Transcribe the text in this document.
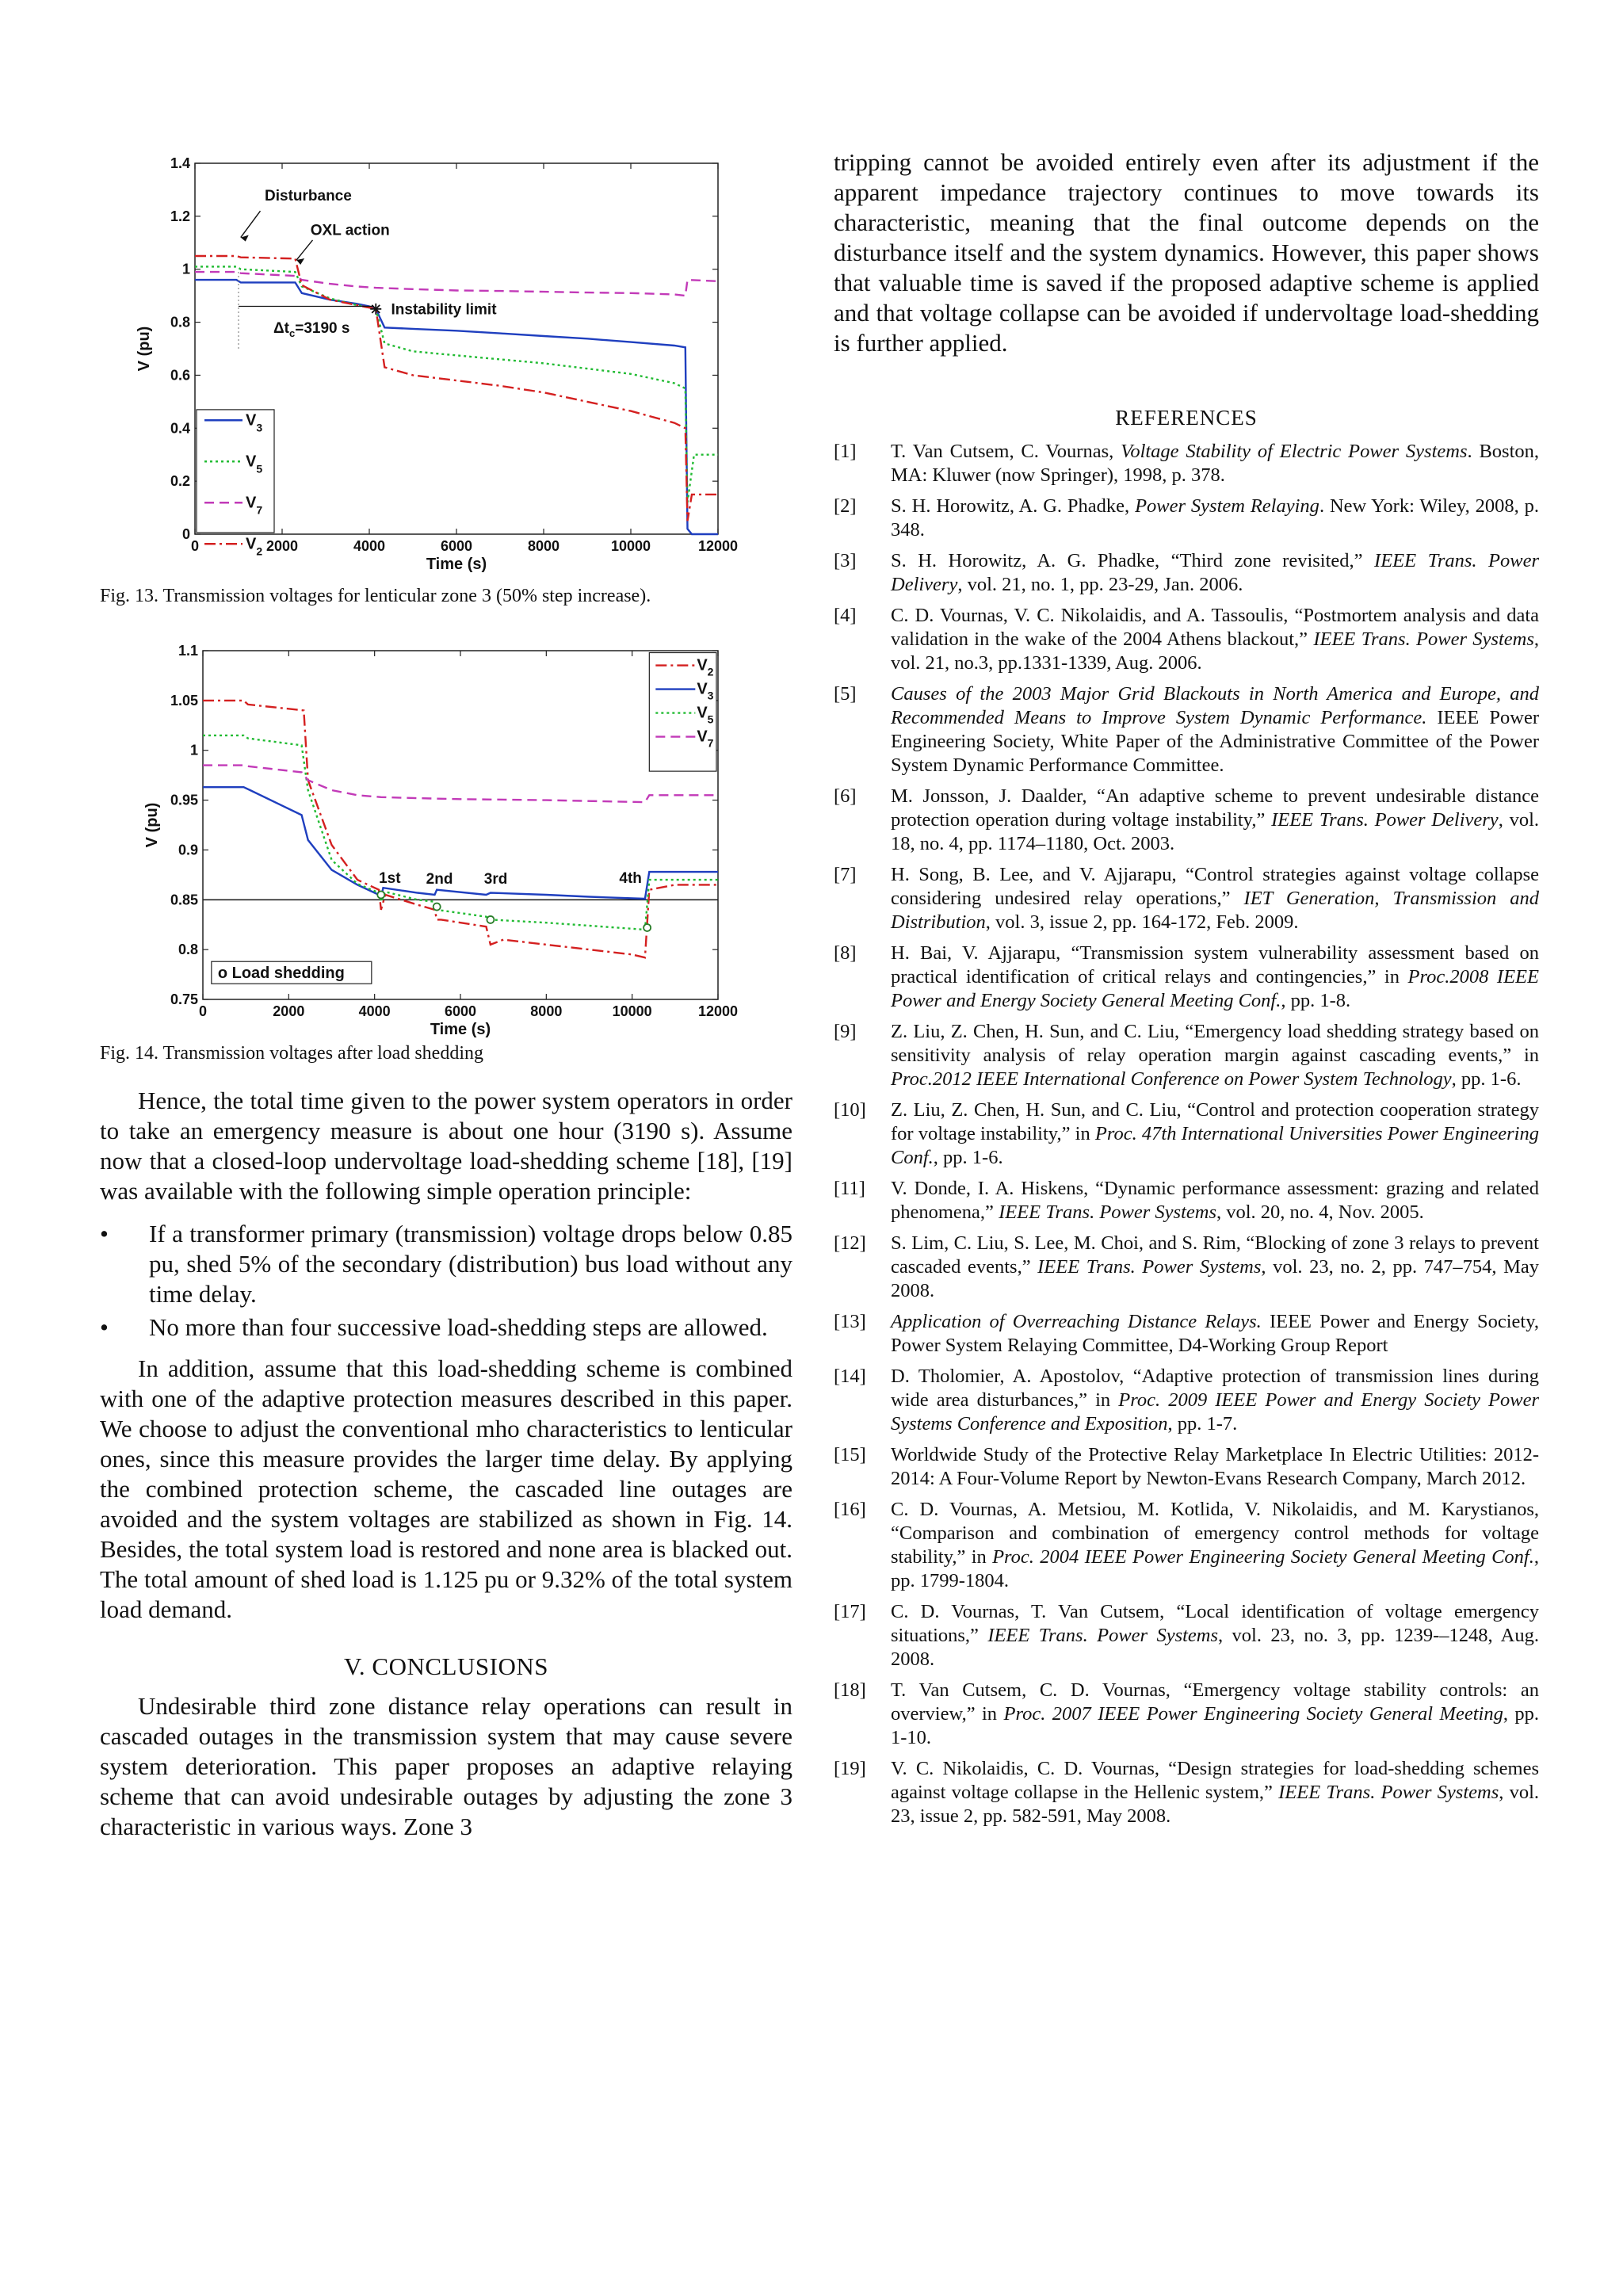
0	2000	4000	6000	8000	10000	12000
0
0.2
0.4
0.6
0.8
1
1.2
1.4
Time (s)
V (pu)
Disturbance
OXL action
Instability limit
$\Delta t_c=3190$ s
$V_3$
$V_5$
$V_7$
$V_2$
Fig. 13. Transmission voltages for lenticular zone 3 (50% step increase).
0	2000	4000	6000	8000	10000	12000
0.75
0.8
0.85
0.9
0.95
1
1.05
1.1
Time (s)
V (pu)
1st 2nd 3rd	4th
$V_2$
$V_3$
$V_5$
$V_7$
o Load shedding
Fig. 14. Transmission voltages after load shedding

Hence, the total time given to the power system operators in order to take an emergency measure is about one hour (3190 s). Assume now that a closed-loop undervoltage load-shedding scheme [18], [19] was available with the following simple operation principle:

• If a transformer primary (transmission) voltage drops below 0.85 pu, shed 5% of the secondary (distribution) bus load without any time delay.
• No more than four successive load-shedding steps are allowed.

In addition, assume that this load-shedding scheme is combined with one of the adaptive protection measures described in this paper. We choose to adjust the conventional mho characteristics to lenticular ones, since this measure provides the larger time delay. By applying the combined protection scheme, the cascaded line outages are avoided and the system voltages are stabilized as shown in Fig. 14. Besides, the total system load is restored and none area is blacked out. The total amount of shed load is 1.125 pu or 9.32% of the total system load demand.

V. CONCLUSIONS

Undesirable third zone distance relay operations can result in cascaded outages in the transmission system that may cause severe system deterioration. This paper proposes an adaptive relaying scheme that can avoid undesirable outages by adjusting the zone 3 characteristic in various ways. Zone 3

tripping cannot be avoided entirely even after its adjustment if the apparent impedance trajectory continues to move towards its characteristic, meaning that the final outcome depends on the disturbance itself and the system dynamics. However, this paper shows that valuable time is saved if the proposed adaptive scheme is applied and that voltage collapse can be avoided if undervoltage load-shedding is further applied.

REFERENCES
[1] T. Van Cutsem, C. Vournas, Voltage Stability of Electric Power Systems. Boston, MA: Kluwer (now Springer), 1998, p. 378.
[2] S. H. Horowitz, A. G. Phadke, Power System Relaying. New York: Wiley, 2008, p. 348.
[3] S. H. Horowitz, A. G. Phadke, “Third zone revisited,” IEEE Trans. Power Delivery, vol. 21, no. 1, pp. 23-29, Jan. 2006.
[4] C. D. Vournas, V. C. Nikolaidis, and A. Tassoulis, “Postmortem analysis and data validation in the wake of the 2004 Athens blackout,” IEEE Trans. Power Systems, vol. 21, no.3, pp.1331-1339, Aug. 2006.
[5] Causes of the 2003 Major Grid Blackouts in North America and Europe, and Recommended Means to Improve System Dynamic Performance. IEEE Power Engineering Society, White Paper of the Administrative Committee of the Power System Dynamic Performance Committee.
[6] M. Jonsson, J. Daalder, “An adaptive scheme to prevent undesirable distance protection operation during voltage instability,” IEEE Trans. Power Delivery, vol. 18, no. 4, pp. 1174–1180, Oct. 2003.
[7] H. Song, B. Lee, and V. Ajjarapu, “Control strategies against voltage collapse considering undesired relay operations,” IET Generation, Transmission and Distribution, vol. 3, issue 2, pp. 164-172, Feb. 2009.
[8] H. Bai, V. Ajjarapu, “Transmission system vulnerability assessment based on practical identification of critical relays and contingencies,” in Proc.2008 IEEE Power and Energy Society General Meeting Conf., pp. 1-8.
[9] Z. Liu, Z. Chen, H. Sun, and C. Liu, “Emergency load shedding strategy based on sensitivity analysis of relay operation margin against cascading events,” in Proc.2012 IEEE International Conference on Power System Technology, pp. 1-6.
[10] Z. Liu, Z. Chen, H. Sun, and C. Liu, “Control and protection cooperation strategy for voltage instability,” in Proc. 47th International Universities Power Engineering Conf., pp. 1-6.
[11] V. Donde, I. A. Hiskens, “Dynamic performance assessment: grazing and related phenomena,” IEEE Trans. Power Systems, vol. 20, no. 4, Nov. 2005.
[12] S. Lim, C. Liu, S. Lee, M. Choi, and S. Rim, “Blocking of zone 3 relays to prevent cascaded events,” IEEE Trans. Power Systems, vol. 23, no. 2, pp. 747–754, May 2008.
[13] Application of Overreaching Distance Relays. IEEE Power and Energy Society, Power System Relaying Committee, D4-Working Group Report
[14] D. Tholomier, A. Apostolov, “Adaptive protection of transmission lines during wide area disturbances,” in Proc. 2009 IEEE Power and Energy Society Power Systems Conference and Exposition, pp. 1-7.
[15] Worldwide Study of the Protective Relay Marketplace In Electric Utilities: 2012-2014: A Four-Volume Report by Newton-Evans Research Company, March 2012.
[16] C. D. Vournas, A. Metsiou, M. Kotlida, V. Nikolaidis, and M. Karystianos, “Comparison and combination of emergency control methods for voltage stability,” in Proc. 2004 IEEE Power Engineering Society General Meeting Conf., pp. 1799-1804.
[17] C. D. Vournas, T. Van Cutsem, “Local identification of voltage emergency situations,” IEEE Trans. Power Systems, vol. 23, no. 3, pp. 1239-–1248, Aug. 2008.
[18] T. Van Cutsem, C. D. Vournas, “Emergency voltage stability controls: an overview,” in Proc. 2007 IEEE Power Engineering Society General Meeting, pp. 1-10.
[19] V. C. Nikolaidis, C. D. Vournas, “Design strategies for load-shedding schemes against voltage collapse in the Hellenic system,” IEEE Trans. Power Systems, vol. 23, issue 2, pp. 582-591, May 2008.
